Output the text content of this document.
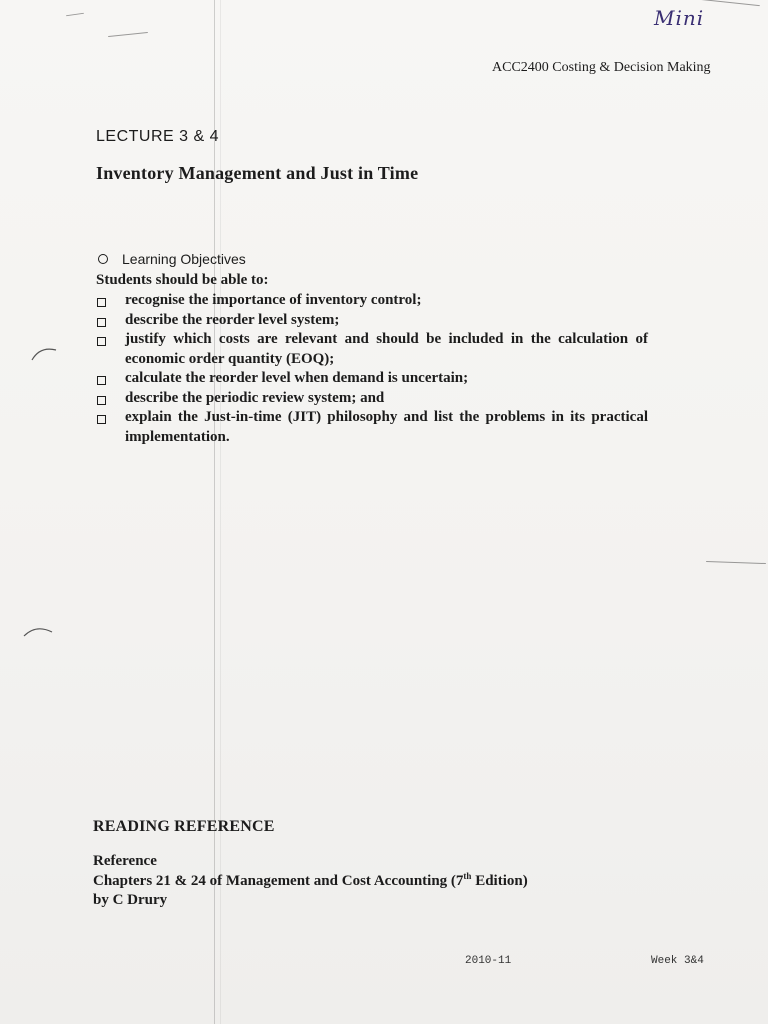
Mini
ACC2400 Costing & Decision Making
LECTURE 3 & 4
Inventory Management and Just in Time
Learning Objectives
Students should be able to:
recognise the importance of inventory control;
describe the reorder level system;
justify which costs are relevant and should be included in the calculation of economic order quantity (EOQ);
calculate the reorder level when demand is uncertain;
describe the periodic review system; and
explain the Just-in-time (JIT) philosophy and list the problems in its practical implementation.
READING REFERENCE
Reference
Chapters 21 & 24 of Management and Cost Accounting (7th Edition)
by C Drury
2010-11	Week 3&4
